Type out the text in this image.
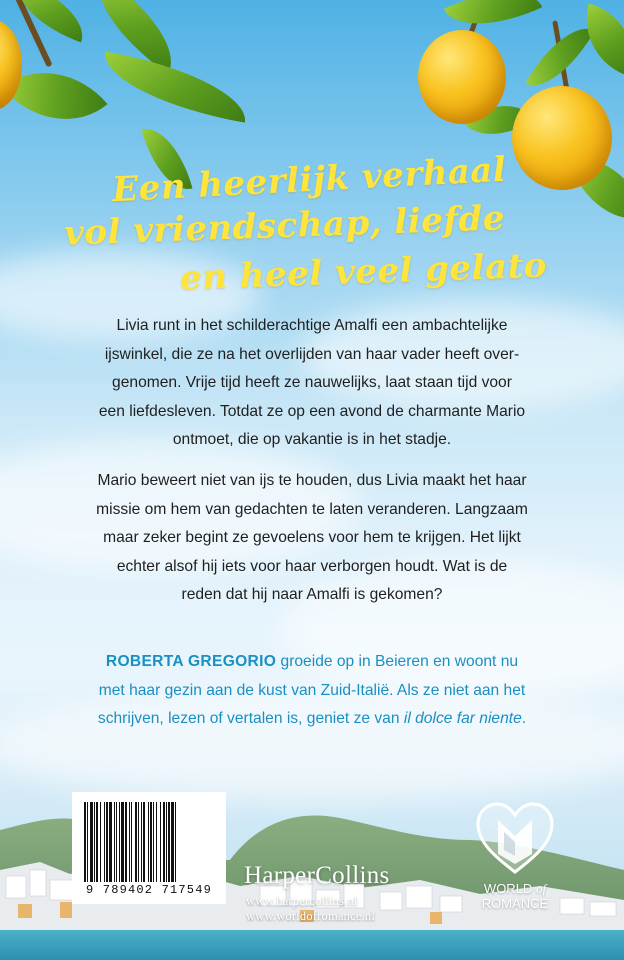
Een heerlijk verhaal
vol vriendschap, liefde
en heel veel gelato
Livia runt in het schilderachtige Amalfi een ambachtelijke
ijswinkel, die ze na het overlijden van haar vader heeft over-
genomen. Vrije tijd heeft ze nauwelijks, laat staan tijd voor
een liefdesleven. Totdat ze op een avond de charmante Mario
ontmoet, die op vakantie is in het stadje.
Mario beweert niet van ijs te houden, dus Livia maakt het haar
missie om hem van gedachten te laten veranderen. Langzaam
maar zeker begint ze gevoelens voor hem te krijgen. Het lijkt
echter alsof hij iets voor haar verborgen houdt. Wat is de
reden dat hij naar Amalfi is gekomen?
ROBERTA GREGORIO groeide op in Beieren en woont nu
met haar gezin aan de kust van Zuid-Italië. Als ze niet aan het
schrijven, lezen of vertalen is, geniet ze van il dolce far niente.
9 789402 717549
HarperCollins
www.harpercollins.nl
www.worldofromance.nl
WORLD of
ROMANCE
